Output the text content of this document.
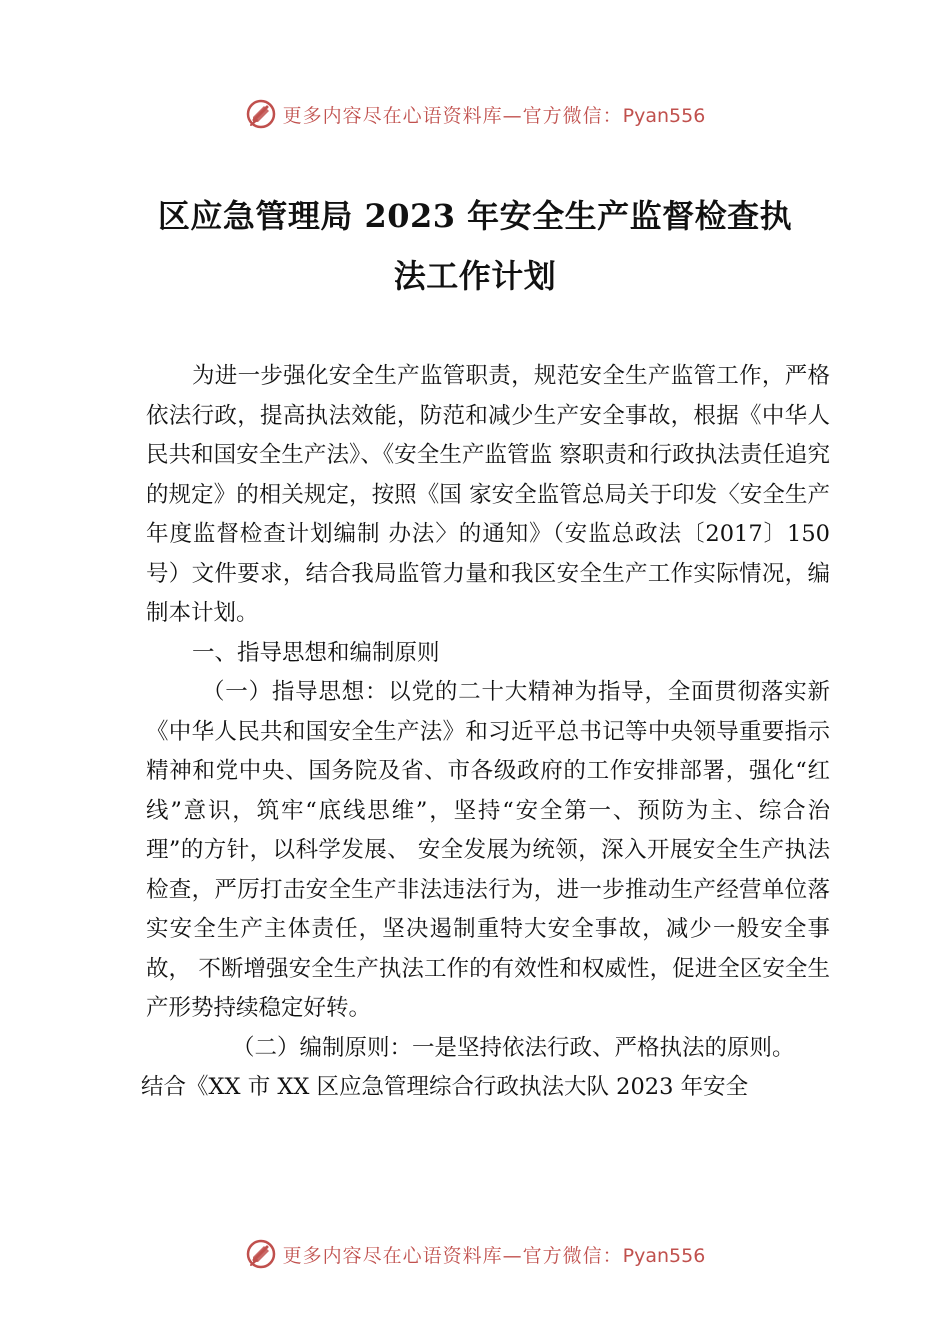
更多内容尽在心语资料库—官方微信：Pyan556
区应急管理局 2023 年安全生产监督检查执
法工作计划

为进一步强化安全生产监管职责，规范安全生产监管工作，严格依法行政，提高执法效能，防范和减少生产安全事故，根据《中华人民共和国安全生产法》、《安全生产监管监 察职责和行政执法责任追究的规定》的相关规定，按照《国 家安全监管总局关于印发〈安全生产年度监督检查计划编制 办法〉的通知》（安监总政法〔2017〕150 号）文件要求，结合我局监管力量和我区安全生产工作实际情况，编制本计划。

一、指导思想和编制原则

（一）指导思想：以党的二十大精神为指导，全面贯彻落实新《中华人民共和国安全生产法》和习近平总书记等中央领导重要指示精神和党中央、国务院及省、市各级政府的工作安排部署，强化“红线”意识，筑牢“底线思维”，坚持“安全第一、预防为主、综合治理”的方针，以科学发展、 安全发展为统领，深入开展安全生产执法检查，严厉打击安全生产非法违法行为，进一步推动生产经营单位落实安全生产主体责任，坚决遏制重特大安全事故，减少一般安全事故， 不断增强安全生产执法工作的有效性和权威性，促进全区安全生产形势持续稳定好转。

（二）编制原则：一是坚持依法行政、严格执法的原则。

结合《XX 市 XX 区应急管理综合行政执法大队 2023 年安全

更多内容尽在心语资料库—官方微信：Pyan556
